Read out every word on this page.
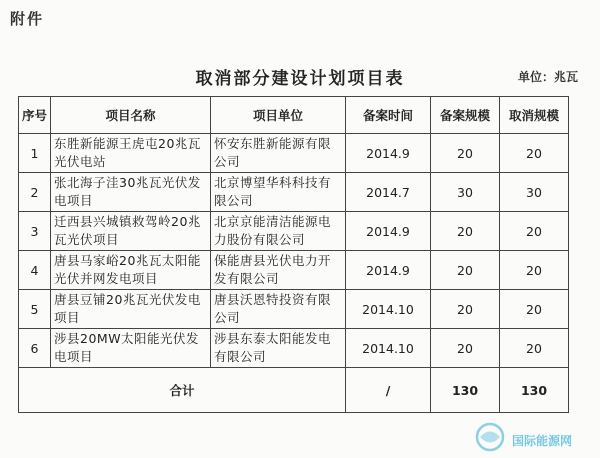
附件
取消部分建设计划项目表	单位：兆瓦
序号	项目名称	项目单位	备案时间	备案规模	取消规模
1	东胜新能源王虎屯20兆瓦光伏电站	怀安东胜新能源有限公司	2014.9	20	20
2	张北海子洼30兆瓦光伏发电项目	北京博望华科科技有限公司	2014.7	30	30
3	迁西县兴城镇救驾岭20兆瓦光伏项目	北京京能清洁能源电力股份有限公司	2014.9	20	20
4	唐县马家峪20兆瓦太阳能光伏并网发电项目	保能唐县光伏电力开发有限公司	2014.9	20	20
5	唐县豆铺20兆瓦光伏发电项目	唐县沃恩特投资有限公司	2014.10	20	20
6	涉县20MW太阳能光伏发电项目	涉县东泰太阳能发电有限公司	2014.10	20	20
合计			/	130	130
国际能源网
